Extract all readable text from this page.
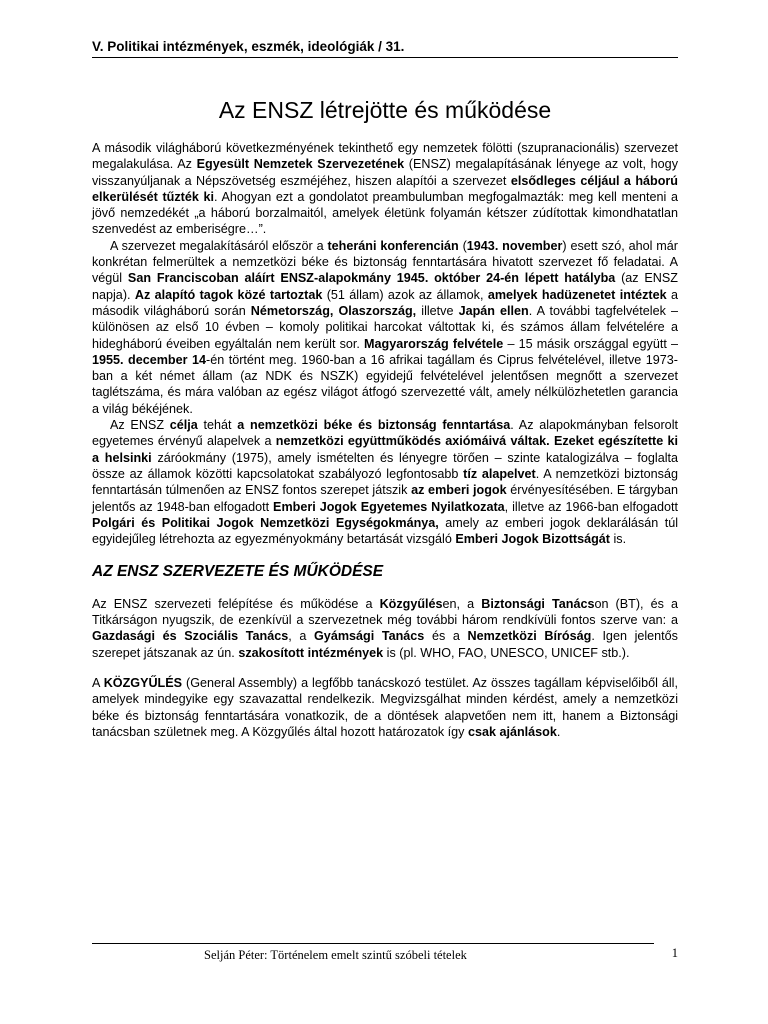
V. Politikai intézmények, eszmék, ideológiák / 31.
Az ENSZ létrejötte és működése

A második világháború következményének tekinthető egy nemzetek fölötti (szupranacionális) szervezet megalakulása. Az Egyesült Nemzetek Szervezetének (ENSZ) megalapításának lényege az volt, hogy visszanyúljanak a Népszövetség eszméjéhez, hiszen alapítói a szervezet elsődleges céljául a háború elkerülését tűzték ki. Ahogyan ezt a gondolatot preambulumban megfogalmazták: meg kell menteni a jövő nemzedékét „a háború borzalmaitól, amelyek életünk folyamán kétszer zúdítottak kimondhatatlan szenvedést az emberiségre…”.

A szervezet megalakításáról először a teheráni konferencián (1943. november) esett szó, ahol már konkrétan felmerültek a nemzetközi béke és biztonság fenntartására hivatott szervezet fő feladatai. A végül San Franciscoban aláírt ENSZ-alapokmány 1945. október 24-én lépett hatályba (az ENSZ napja). Az alapító tagok közé tartoztak (51 állam) azok az államok, amelyek hadüzenetet intéztek a második világháború során Németország, Olaszország, illetve Japán ellen. A további tagfelvételek – különösen az első 10 évben – komoly politikai harcokat váltottak ki, és számos állam felvételére a hidegháború éveiben egyáltalán nem került sor. Magyarország felvétele – 15 másik országgal együtt – 1955. december 14-én történt meg. 1960-ban a 16 afrikai tagállam és Ciprus felvételével, illetve 1973-ban a két német állam (az NDK és NSZK) egyidejű felvételével jelentősen megnőtt a szervezet taglétszáma, és mára valóban az egész világot átfogó szervezetté vált, amely nélkülözhetetlen garancia a világ békéjének.

Az ENSZ célja tehát a nemzetközi béke és biztonság fenntartása. Az alapokmányban felsorolt egyetemes érvényű alapelvek a nemzetközi együttműködés axiómáivá váltak. Ezeket egészítette ki a helsinki záróokmány (1975), amely ismételten és lényegre törően – szinte katalogizálva – foglalta össze az államok közötti kapcsolatokat szabályozó legfontosabb tíz alapelvet. A nemzetközi biztonság fenntartásán túlmenően az ENSZ fontos szerepet játszik az emberi jogok érvényesítésében. E tárgyban jelentős az 1948-ban elfogadott Emberi Jogok Egyetemes Nyilatkozata, illetve az 1966-ban elfogadott Polgári és Politikai Jogok Nemzetközi Egységokmánya, amely az emberi jogok deklarálásán túl egyidejűleg létrehozta az egyezményokmány betartását vizsgáló Emberi Jogok Bizottságát is.

AZ ENSZ SZERVEZETE ÉS MŰKÖDÉSE

Az ENSZ szervezeti felépítése és működése a Közgyűlésen, a Biztonsági Tanácson (BT), és a Titkárságon nyugszik, de ezenkívül a szervezetnek még további három rendkívüli fontos szerve van: a Gazdasági és Szociális Tanács, a Gyámsági Tanács és a Nemzetközi Bíróság. Igen jelentős szerepet játszanak az ún. szakosított intézmények is (pl. WHO, FAO, UNESCO, UNICEF stb.).

A KÖZGYŰLÉS (General Assembly) a legfőbb tanácskozó testület. Az összes tagállam képviselőiből áll, amelyek mindegyike egy szavazattal rendelkezik. Megvizsgálhat minden kérdést, amely a nemzetközi béke és biztonság fenntartására vonatkozik, de a döntések alapvetően nem itt, hanem a Biztonsági tanácsban születnek meg. A Közgyűlés által hozott határozatok így csak ajánlások.

Selján Péter: Történelem emelt szintű szóbeli tételek	1
